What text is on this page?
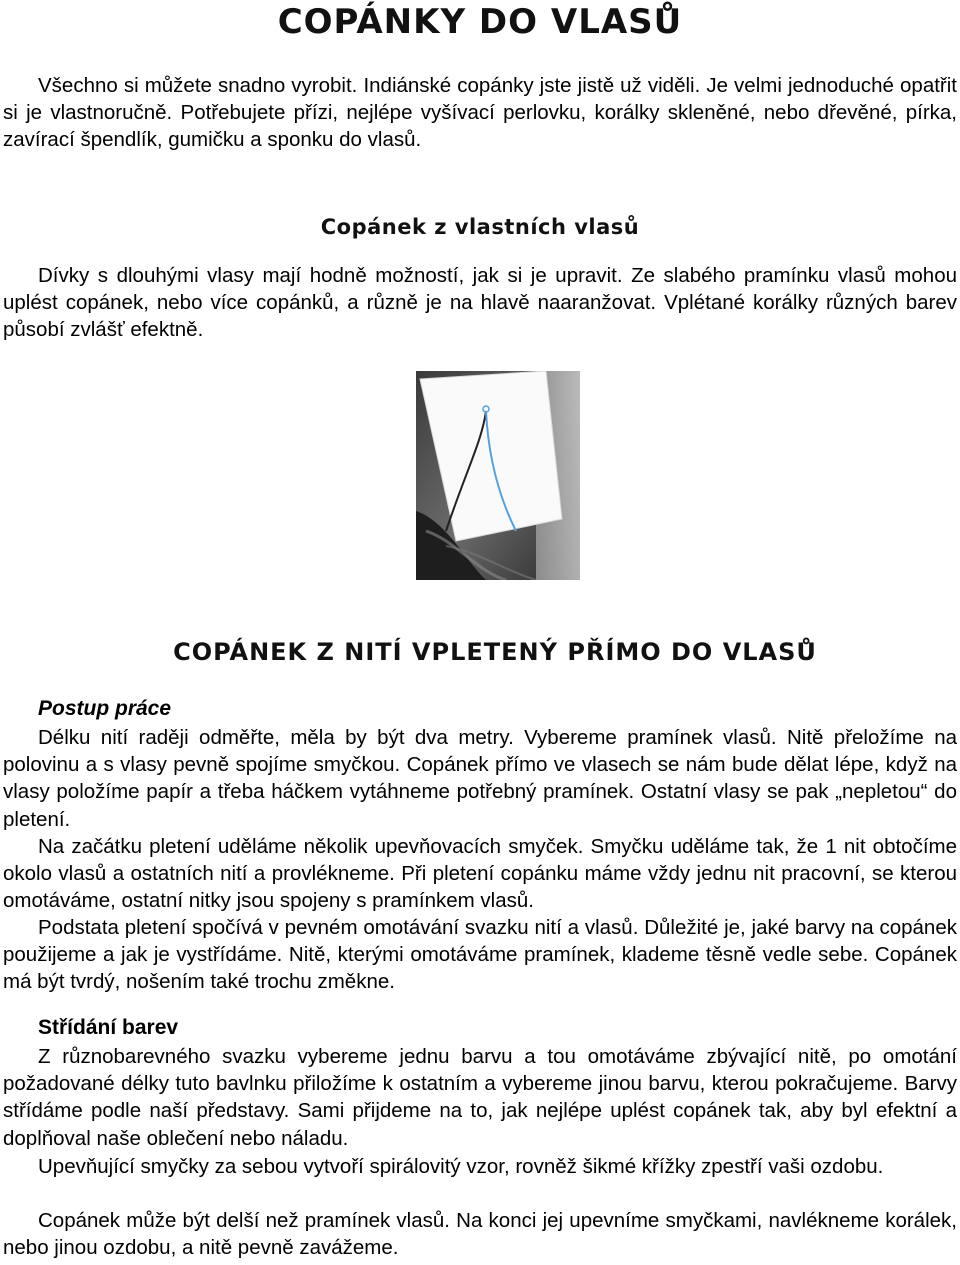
COPÁNKY DO VLASŮ

Všechno si můžete snadno vyrobit. Indiánské copánky jste jistě už viděli. Je velmi jednoduché opatřit si je vlastnoručně. Potřebujete přízi, nejlépe vyšívací perlovku, korálky skleněné, nebo dřevěné, pírka, zavírací špendlík, gumičku a sponku do vlasů.

Copánek z vlastních vlasů

Dívky s dlouhými vlasy mají hodně možností, jak si je upravit. Ze slabého pramínku vlasů mohou uplést copánek, nebo více copánků, a různě je na hlavě naaranžovat. Vplétané korálky různých barev působí zvlášť efektně.

COPÁNEK Z NITÍ VPLETENÝ PŘÍMO DO VLASŮ
Postup práce

Délku nití raději odměřte, měla by být dva metry. Vybereme pramínek vlasů. Nitě přeložíme na polovinu a s vlasy pevně spojíme smyčkou. Copánek přímo ve vlasech se nám bude dělat lépe, když na vlasy položíme papír a třeba háčkem vytáhneme potřebný pramínek. Ostatní vlasy se pak „nepletou“ do pletení.

Na začátku pletení uděláme několik upevňovacích smyček. Smyčku uděláme tak, že 1 nit obtočíme okolo vlasů a ostatních nití a provlékneme. Při pletení copánku máme vždy jednu nit pracovní, se kterou omotáváme, ostatní nitky jsou spojeny s pramínkem vlasů.

Podstata pletení spočívá v pevném omotávání svazku nití a vlasů. Důležité je, jaké barvy na copánek použijeme a jak je vystřídáme. Nitě, kterými omotáváme pramínek, klademe těsně vedle sebe. Copánek má být tvrdý, nošením také trochu změkne.

Střídání barev

Z různobarevného svazku vybereme jednu barvu a tou omotáváme zbývající nitě, po omotání požadované délky tuto bavlnku přiložíme k ostatním a vybereme jinou barvu, kterou pokračujeme. Barvy střídáme podle naší představy. Sami přijdeme na to, jak nejlépe uplést copánek tak, aby byl efektní a doplňoval naše oblečení nebo náladu.

Upevňující smyčky za sebou vytvoří spirálovitý vzor, rovněž šikmé křížky zpestří vaši ozdobu.

Copánek může být delší než pramínek vlasů. Na konci jej upevníme smyčkami, navlékneme korálek, nebo jinou ozdobu, a nitě pevně zavážeme.
